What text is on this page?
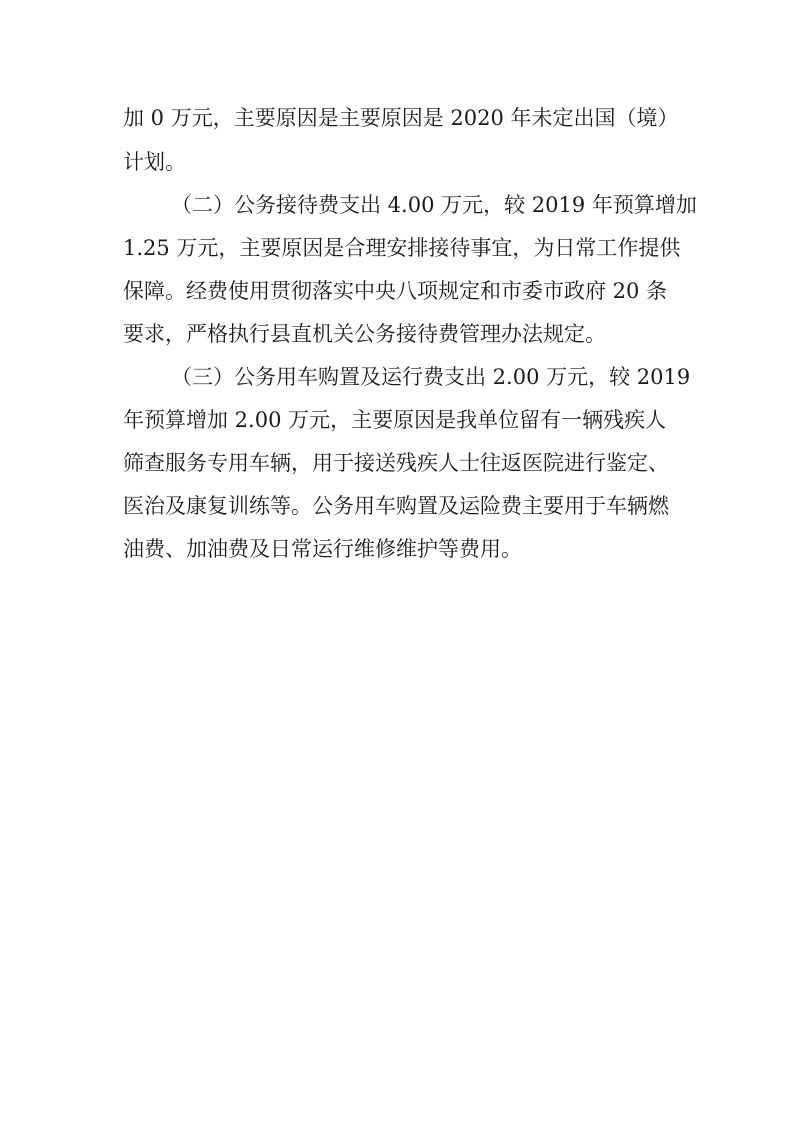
加 0 万元，主要原因是主要原因是 2020 年未定出国（境）
计划。
（二）公务接待费支出 4.00 万元，较 2019 年预算增加
1.25 万元，主要原因是合理安排接待事宜，为日常工作提供
保障。经费使用贯彻落实中央八项规定和市委市政府 20 条
要求，严格执行县直机关公务接待费管理办法规定。
（三）公务用车购置及运行费支出 2.00 万元，较 2019
年预算增加 2.00 万元，主要原因是我单位留有一辆残疾人
筛查服务专用车辆，用于接送残疾人士往返医院进行鉴定、
医治及康复训练等。公务用车购置及运险费主要用于车辆燃
油费、加油费及日常运行维修维护等费用。
